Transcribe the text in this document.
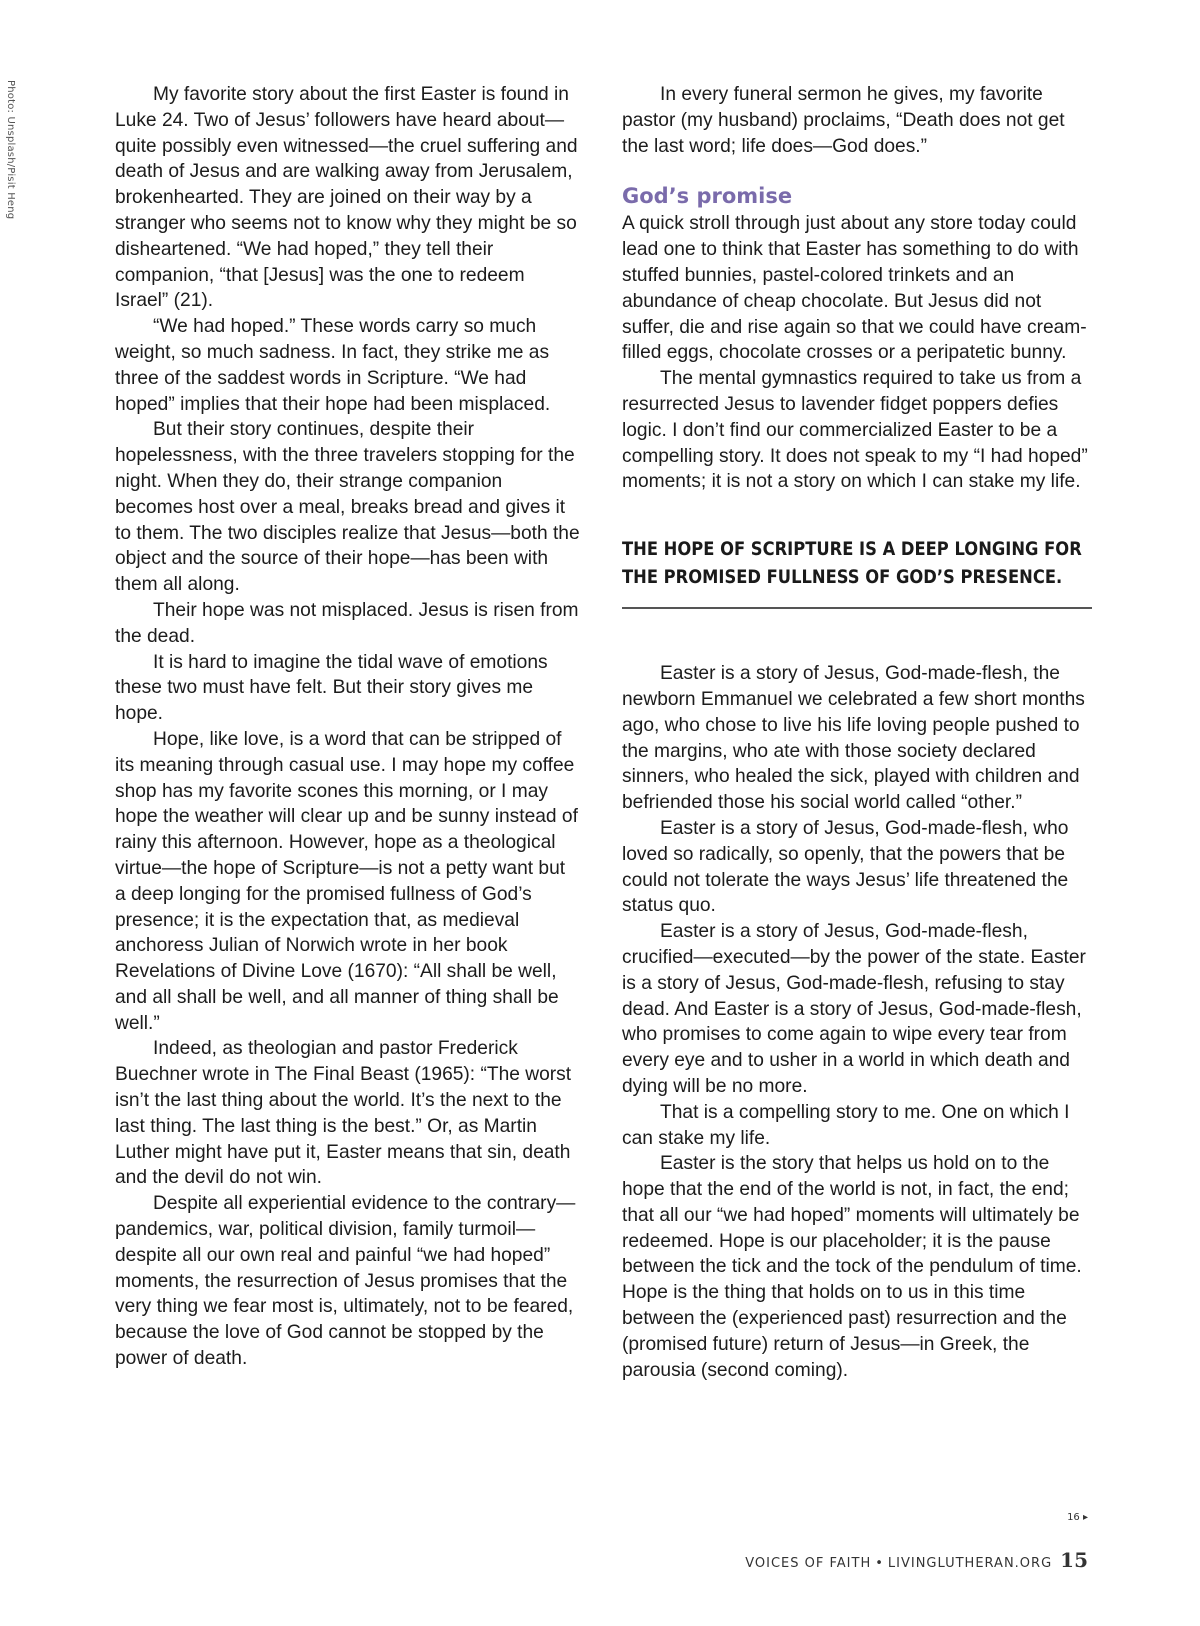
Photo: Unsplash/Pisit Heng	My favorite story about the first Easter is found in Luke 24. Two of Jesus’ followers have heard about—quite possibly even witnessed—the cruel suffering and death of Jesus and are walking away from Jerusalem, brokenhearted. They are joined on their way by a stranger who seems not to know why they might be so disheartened. “We had hoped,” they tell their companion, “that [Jesus] was the one to redeem Israel” (21).

“We had hoped.” These words carry so much weight, so much sadness. In fact, they strike me as three of the saddest words in Scripture. “We had hoped” implies that their hope had been misplaced.

But their story continues, despite their hopelessness, with the three travelers stopping for the night. When they do, their strange companion becomes host over a meal, breaks bread and gives it to them. The two disciples realize that Jesus—both the object and the source of their hope—has been with them all along.

Their hope was not misplaced. Jesus is risen from the dead.

It is hard to imagine the tidal wave of emotions these two must have felt. But their story gives me hope.

Hope, like love, is a word that can be stripped of its meaning through casual use. I may hope my coffee shop has my favorite scones this morning, or I may hope the weather will clear up and be sunny instead of rainy this afternoon. However, hope as a theological virtue—the hope of Scripture—is not a petty want but a deep longing for the promised fullness of God’s presence; it is the expectation that, as medieval anchoress Julian of Norwich wrote in her book Revelations of Divine Love (1670): “All shall be well, and all shall be well, and all manner of thing shall be well.”

Indeed, as theologian and pastor Frederick Buechner wrote in The Final Beast (1965): “The worst isn’t the last thing about the world. It’s the next to the last thing. The last thing is the best.” Or, as Martin Luther might have put it, Easter means that sin, death and the devil do not win.

Despite all experiential evidence to the contrary—pandemics, war, political division, family turmoil—despite all our own real and painful “we had hoped” moments, the resurrection of Jesus promises that the very thing we fear most is, ultimately, not to be feared, because the love of God cannot be stopped by the power of death.

In every funeral sermon he gives, my favorite pastor (my husband) proclaims, “Death does not get the last word; life does—God does.”

God’s promise

A quick stroll through just about any store today could lead one to think that Easter has something to do with stuffed bunnies, pastel-colored trinkets and an abundance of cheap chocolate. But Jesus did not suffer, die and rise again so that we could have cream-filled eggs, chocolate crosses or a peripatetic bunny.

The mental gymnastics required to take us from a resurrected Jesus to lavender fidget poppers defies logic. I don’t find our commercialized Easter to be a compelling story. It does not speak to my “I had hoped” moments; it is not a story on which I can stake my life.

THE HOPE OF SCRIPTURE IS A DEEP LONGING FOR THE PROMISED FULLNESS OF GOD’S PRESENCE.

Easter is a story of Jesus, God-made-flesh, the newborn Emmanuel we celebrated a few short months ago, who chose to live his life loving people pushed to the margins, who ate with those society declared sinners, who healed the sick, played with children and befriended those his social world called “other.”

Easter is a story of Jesus, God-made-flesh, who loved so radically, so openly, that the powers that be could not tolerate the ways Jesus’ life threatened the status quo.

Easter is a story of Jesus, God-made-flesh, crucified—executed—by the power of the state. Easter is a story of Jesus, God-made-flesh, refusing to stay dead. And Easter is a story of Jesus, God-made-flesh, who promises to come again to wipe every tear from every eye and to usher in a world in which death and dying will be no more.

That is a compelling story to me. One on which I can stake my life.

Easter is the story that helps us hold on to the hope that the end of the world is not, in fact, the end; that all our “we had hoped” moments will ultimately be redeemed. Hope is our placeholder; it is the pause between the tick and the tock of the pendulum of time. Hope is the thing that holds on to us in this time between the (experienced past) resurrection and the (promised future) return of Jesus—in Greek, the parousia (second coming).

16 ▸
VOICES OF FAITH • LIVINGLUTHERAN.ORG 15
